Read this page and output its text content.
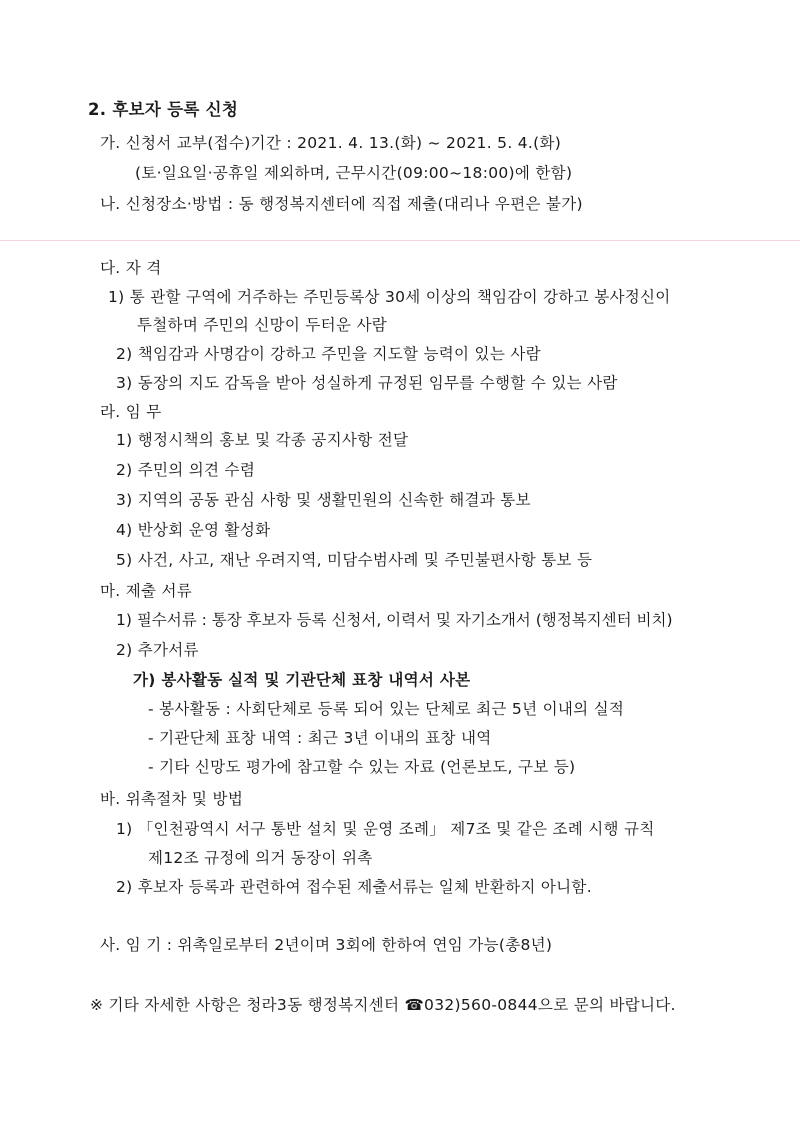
2. 후보자 등록 신청
가. 신청서 교부(접수)기간 : 2021. 4. 13.(화) ~ 2021. 5. 4.(화)
(토·일요일·공휴일 제외하며, 근무시간(09:00~18:00)에 한함)
나. 신청장소·방법 : 동 행정복지센터에 직접 제출(대리나 우편은 불가)
다. 자 격
1) 통 관할 구역에 거주하는 주민등록상 30세 이상의 책임감이 강하고 봉사정신이
투철하며 주민의 신망이 두터운 사람
2) 책임감과 사명감이 강하고 주민을 지도할 능력이 있는 사람
3) 동장의 지도 감독을 받아 성실하게 규정된 임무를 수행할 수 있는 사람
라. 임 무
1) 행정시책의 홍보 및 각종 공지사항 전달
2) 주민의 의견 수렴
3) 지역의 공동 관심 사항 및 생활민원의 신속한 해결과 통보
4) 반상회 운영 활성화
5) 사건, 사고, 재난 우려지역, 미담수범사례 및 주민불편사항 통보 등
마. 제출 서류
1) 필수서류 : 통장 후보자 등록 신청서, 이력서 및 자기소개서 (행정복지센터 비치)
2) 추가서류
가) 봉사활동 실적 및 기관단체 표창 내역서 사본
- 봉사활동 : 사회단체로 등록 되어 있는 단체로 최근 5년 이내의 실적
- 기관단체 표창 내역 : 최근 3년 이내의 표창 내역
- 기타 신망도 평가에 참고할 수 있는 자료 (언론보도, 구보 등)
바. 위촉절차 및 방법
1) 「인천광역시 서구 통반 설치 및 운영 조례」 제7조 및 같은 조례 시행 규칙
제12조 규정에 의거 동장이 위촉
2) 후보자 등록과 관련하여 접수된 제출서류는 일체 반환하지 아니함.
사. 임 기 : 위촉일로부터 2년이며 3회에 한하여 연임 가능(총8년)
※ 기타 자세한 사항은 청라3동 행정복지센터 ☎032)560-0844으로 문의 바랍니다.
